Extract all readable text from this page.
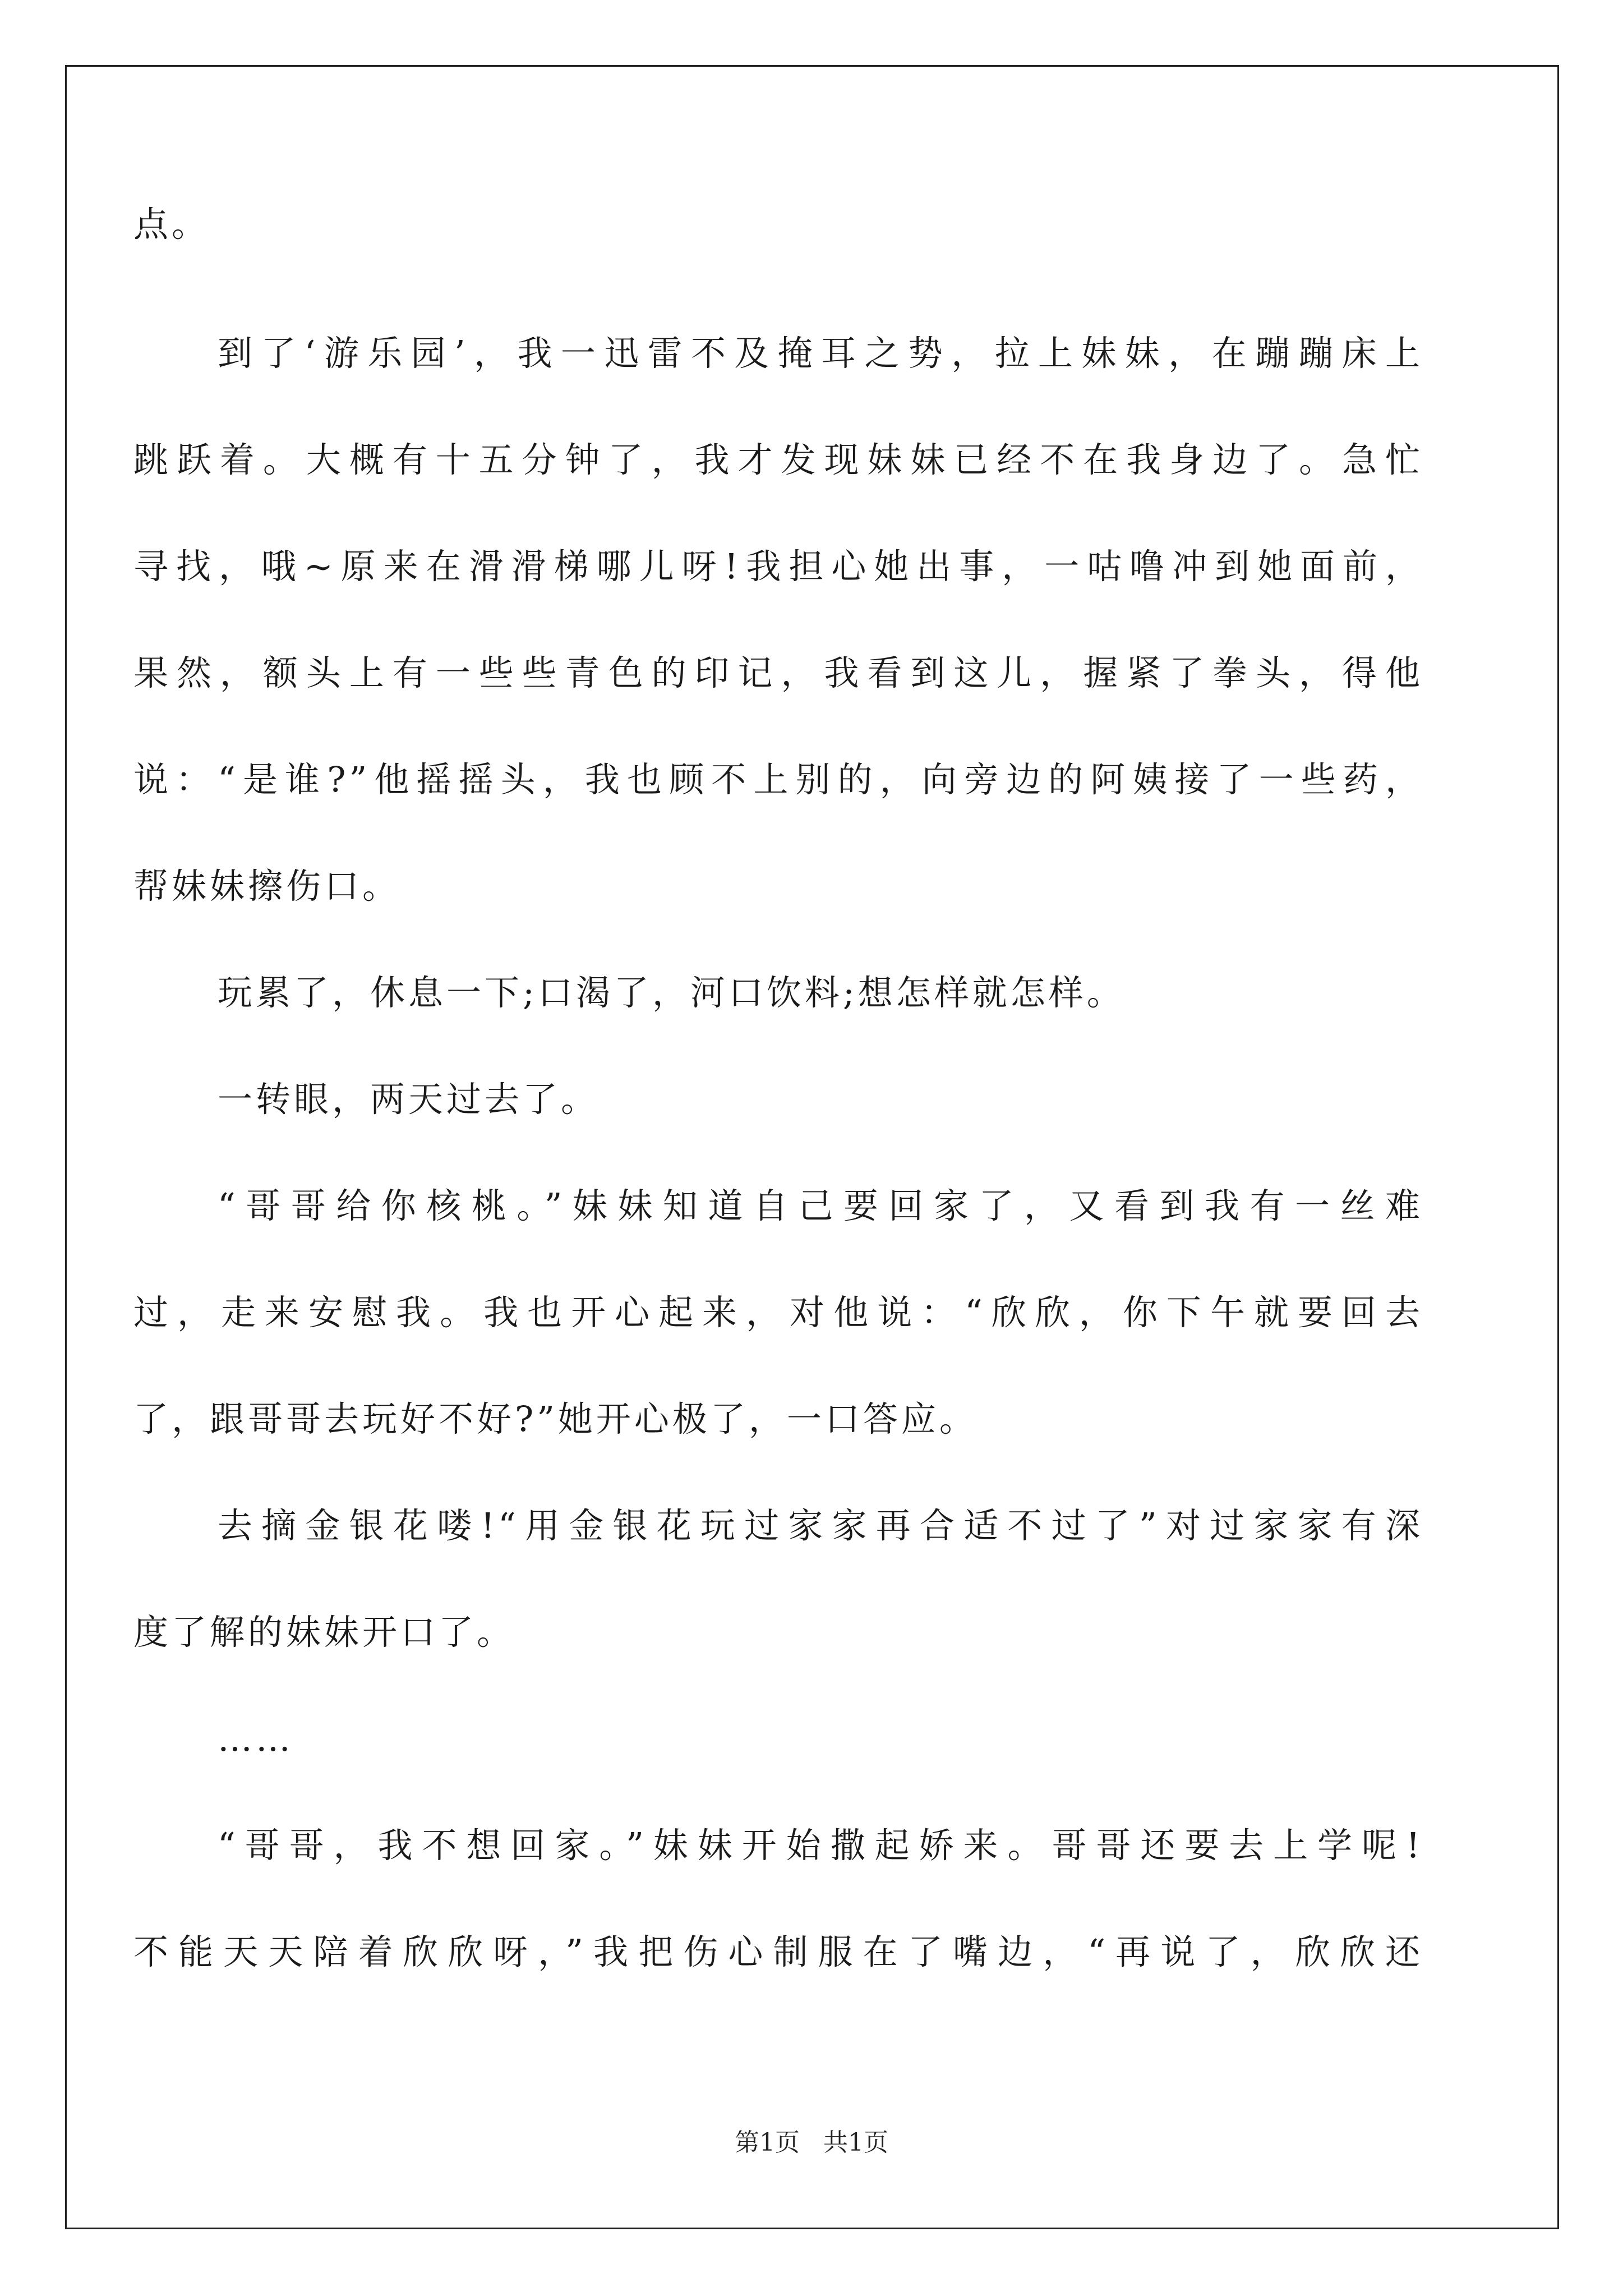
点。
到了‘游乐园’，我一迅雷不及掩耳之势，拉上妹妹，在蹦蹦床上
跳跃着。大概有十五分钟了，我才发现妹妹已经不在我身边了。急忙
寻找，哦~原来在滑滑梯哪儿呀!我担心她出事，一咕噜冲到她面前，
果然，额头上有一些些青色的印记，我看到这儿，握紧了拳头，得他
说：“是谁?”他摇摇头，我也顾不上别的，向旁边的阿姨接了一些药，
帮妹妹擦伤口。
玩累了，休息一下;口渴了，河口饮料;想怎样就怎样。
一转眼，两天过去了。
“哥哥给你核桃。”妹妹知道自己要回家了，又看到我有一丝难
过，走来安慰我。我也开心起来，对他说：“欣欣，你下午就要回去
了，跟哥哥去玩好不好?”她开心极了，一口答应。
去摘金银花喽!“用金银花玩过家家再合适不过了”对过家家有深
度了解的妹妹开口了。
……
“哥哥，我不想回家。”妹妹开始撒起娇来。哥哥还要去上学呢!
不能天天陪着欣欣呀，”我把伤心制服在了嘴边，“再说了，欣欣还
第1页   共1页
